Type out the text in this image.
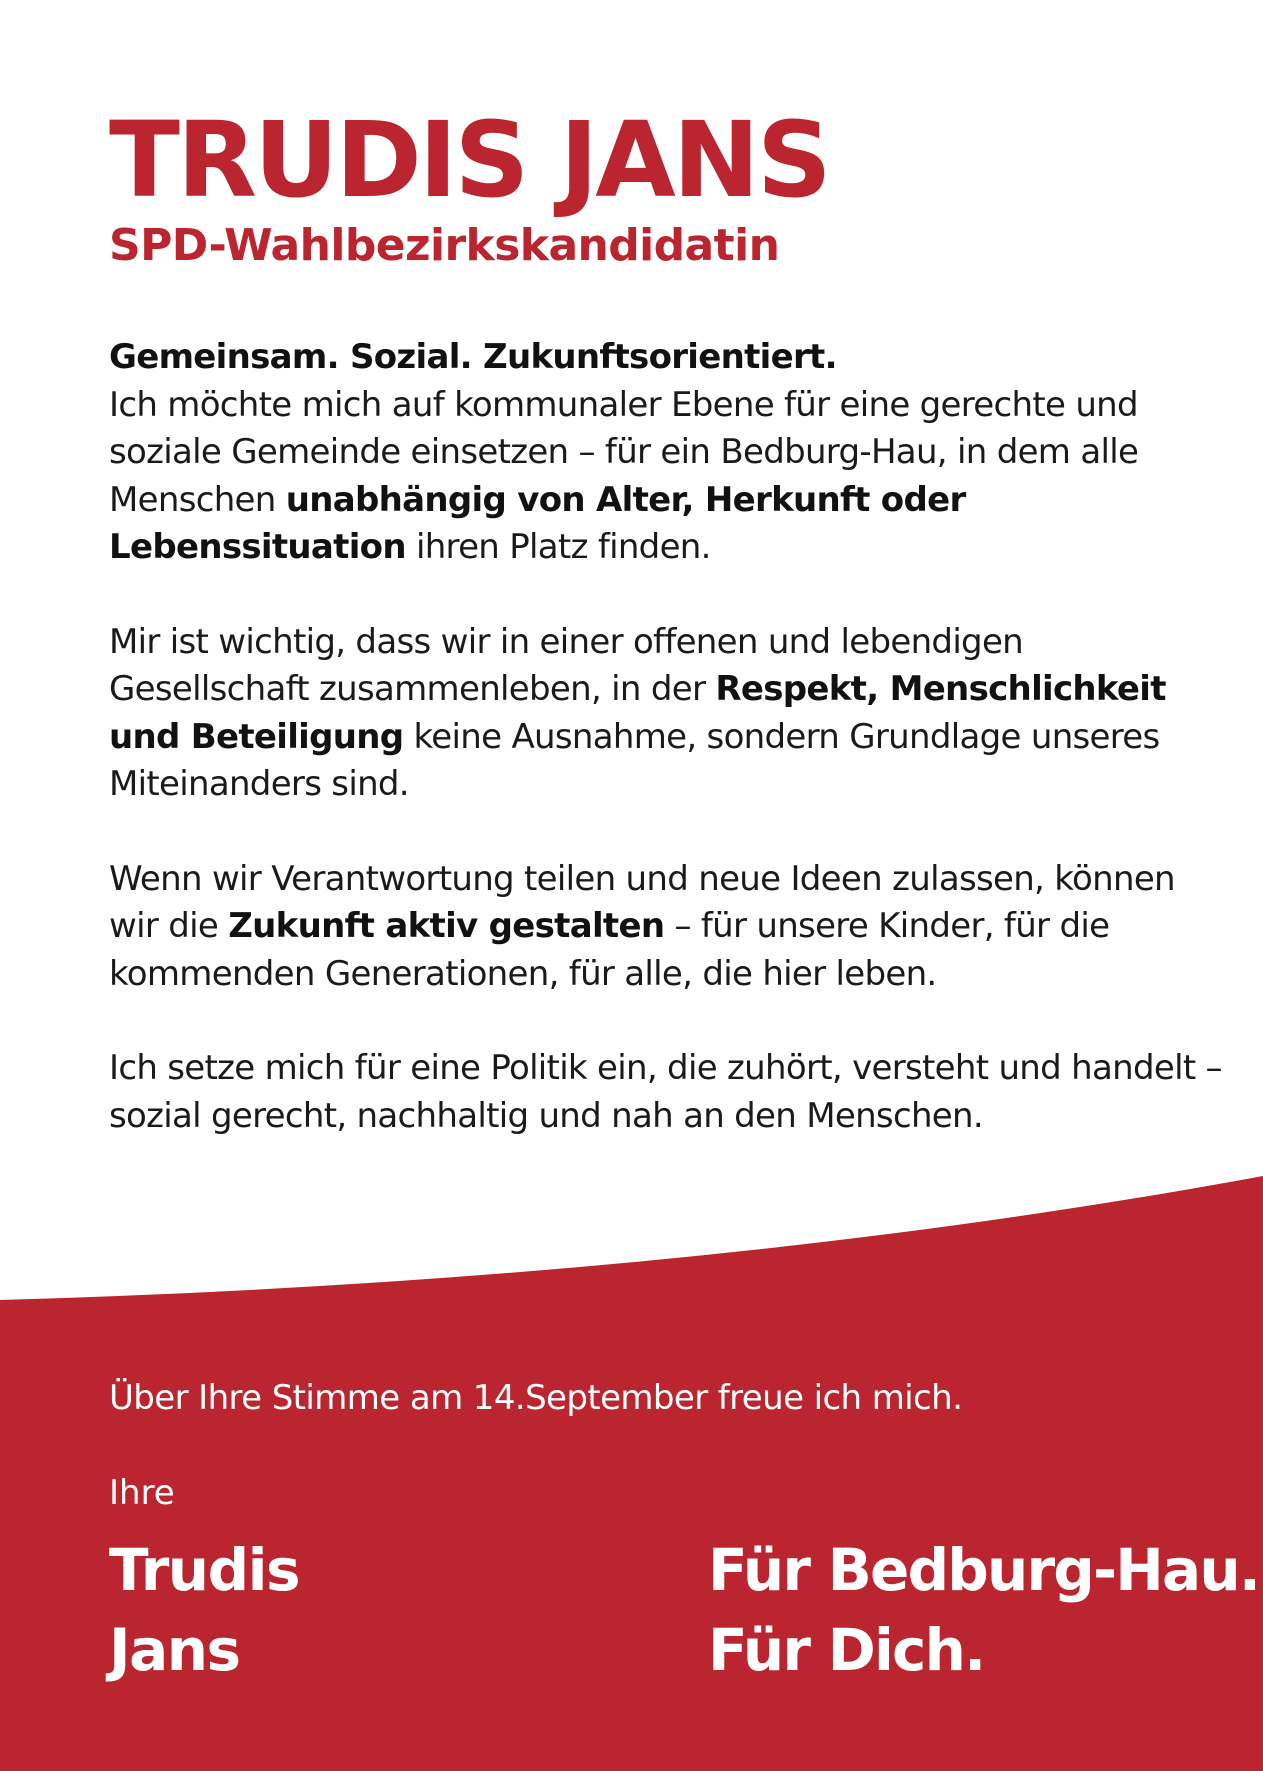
TRUDIS JANS
SPD-Wahlbezirkskandidatin

Gemeinsam. Sozial. Zukunftsorientiert.
Ich möchte mich auf kommunaler Ebene für eine gerechte und soziale Gemeinde einsetzen – für ein Bedburg-Hau, in dem alle Menschen unabhängig von Alter, Herkunft oder Lebenssituation ihren Platz finden.

Mir ist wichtig, dass wir in einer offenen und lebendigen Gesellschaft zusammenleben, in der Respekt, Menschlichkeit und Beteiligung keine Ausnahme, sondern Grundlage unseres Miteinanders sind.

Wenn wir Verantwortung teilen und neue Ideen zulassen, können wir die Zukunft aktiv gestalten – für unsere Kinder, für die kommenden Generationen, für alle, die hier leben.

Ich setze mich für eine Politik ein, die zuhört, versteht und handelt – sozial gerecht, nachhaltig und nah an den Menschen.

Über Ihre Stimme am 14.September freue ich mich.
Ihre
Trudis
Jans
Für Bedburg-Hau.
Für Dich.
